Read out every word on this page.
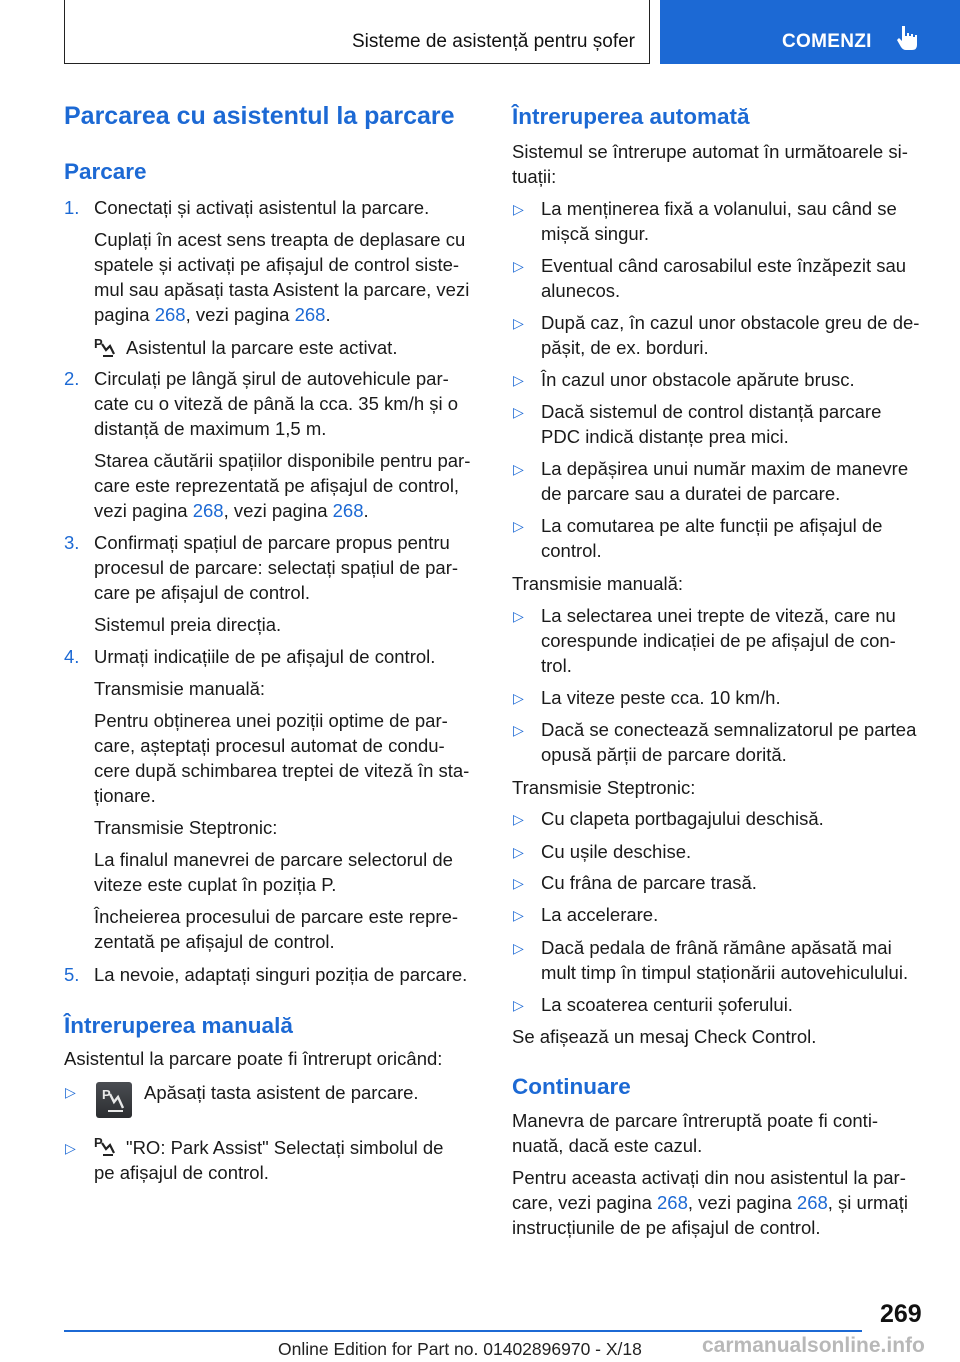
Sisteme de asistență pentru șofer	COMENZI
Parcarea cu asistentul la parcare
Parcare
1. Conectați și activați asistentul la parcare.
Cuplați în acest sens treapta de deplasare cu
spatele și activați pe afișajul de control siste-
mul sau apăsați tasta Asistent la parcare, vezi
pagina 268, vezi pagina 268.
P Asistentul la parcare este activat.
2. Circulați pe lângă șirul de autovehicule par-
cate cu o viteză de până la cca. 35 km/h și o
distanță de maximum 1,5 m.
Starea căutării spațiilor disponibile pentru par-
care este reprezentată pe afișajul de control,
vezi pagina 268, vezi pagina 268.
3. Confirmați spațiul de parcare propus pentru
procesul de parcare: selectați spațiul de par-
care pe afișajul de control.
Sistemul preia direcția.
4. Urmați indicațiile de pe afișajul de control.
Transmisie manuală:
Pentru obținerea unei poziții optime de par-
care, așteptați procesul automat de condu-
cere după schimbarea treptei de viteză în sta-
ționare.
Transmisie Steptronic:
La finalul manevrei de parcare selectorul de
viteze este cuplat în poziția P.
Încheierea procesului de parcare este repre-
zentată pe afișajul de control.
5. La nevoie, adaptați singuri poziția de parcare.
Întreruperea manuală
Asistentul la parcare poate fi întrerupt oricând:
▷ P Apăsați tasta asistent de parcare.
▷ P "RO: Park Assist" Selectați simbolul de
pe afișajul de control.
Întreruperea automată
Sistemul se întrerupe automat în următoarele si-
tuații:
▷ La menținerea fixă a volanului, sau când se
mișcă singur.
▷ Eventual când carosabilul este înzăpezit sau
alunecos.
▷ După caz, în cazul unor obstacole greu de de-
pășit, de ex. borduri.
▷ În cazul unor obstacole apărute brusc.
▷ Dacă sistemul de control distanță parcare
PDC indică distanțe prea mici.
▷ La depășirea unui număr maxim de manevre
de parcare sau a duratei de parcare.
▷ La comutarea pe alte funcții pe afișajul de
control.
Transmisie manuală:
▷ La selectarea unei trepte de viteză, care nu
corespunde indicației de pe afișajul de con-
trol.
▷ La viteze peste cca. 10 km/h.
▷ Dacă se conectează semnalizatorul pe partea
opusă părții de parcare dorită.
Transmisie Steptronic:
▷ Cu clapeta portbagajului deschisă.
▷ Cu ușile deschise.
▷ Cu frâna de parcare trasă.
▷ La accelerare.
▷ Dacă pedala de frână rămâne apăsată mai
mult timp în timpul staționării autovehiculului.
▷ La scoaterea centurii șoferului.
Se afișează un mesaj Check Control.
Continuare
Manevra de parcare întreruptă poate fi conti-
nuată, dacă este cazul.
Pentru aceasta activați din nou asistentul la par-
care, vezi pagina 268, vezi pagina 268, și urmați
instrucțiunile de pe afișajul de control.
269
Online Edition for Part no. 01402896970 - X/18	carmanualsonline.info
